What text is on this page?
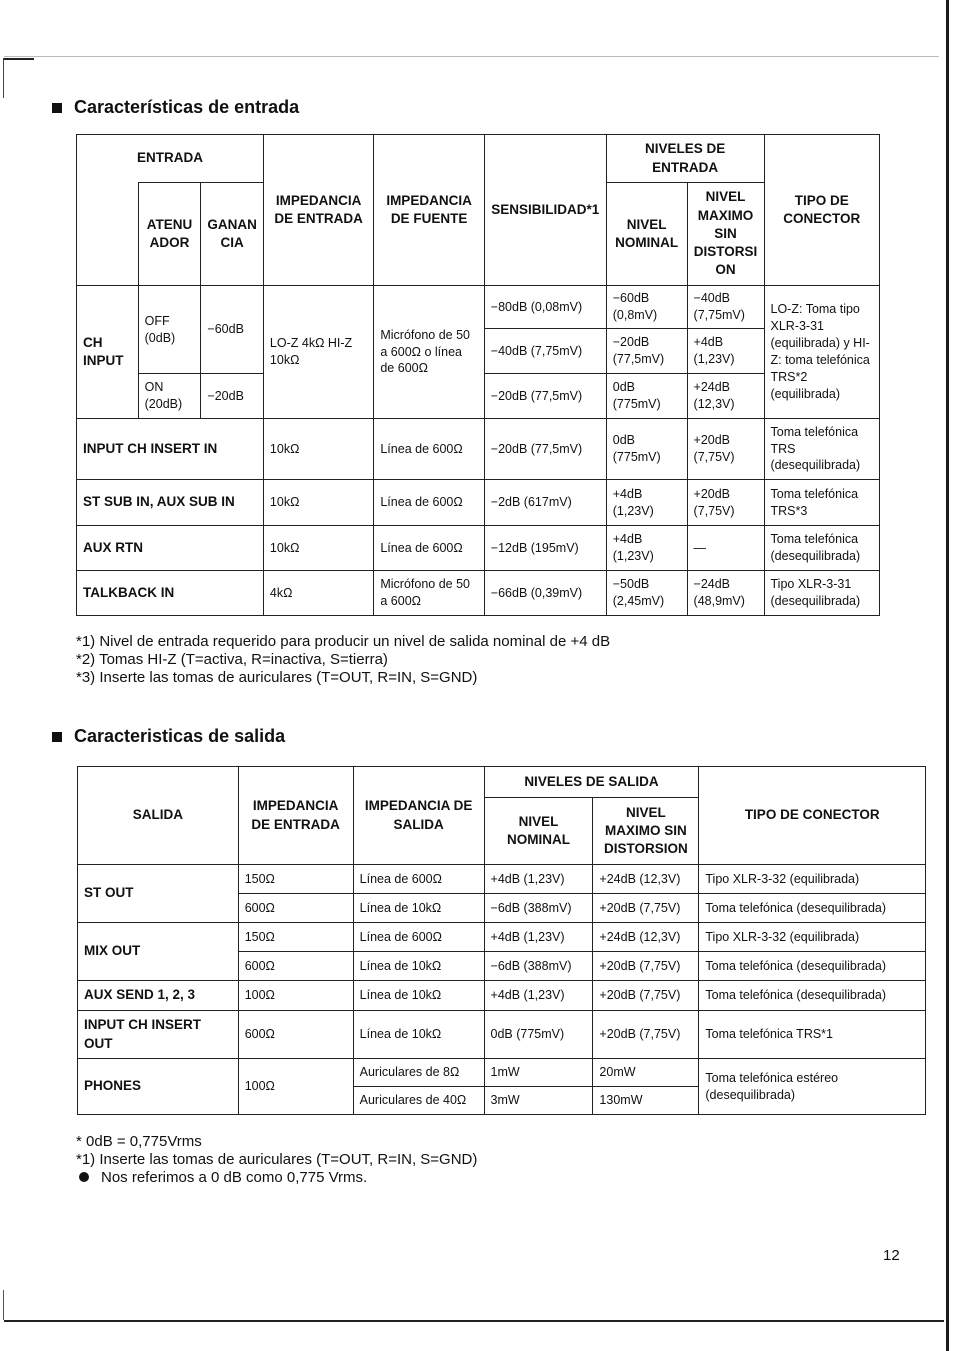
Características de entrada
ENTRADA			IMPEDANCIA DE ENTRADA	IMPEDANCIA DE FUENTE	SENSIBILIDAD*1	NIVELES DE ENTRADA		TIPO DE CONECTOR
	ATENU ADOR	GANAN CIA				NIVEL NOMINAL	NIVEL MAXIMO SIN DISTORSI ON	
CH INPUT	OFF (0dB)	−60dB	LO-Z 4kΩ HI-Z 10kΩ	Micrófono de 50 a 600Ω o línea de 600Ω	−80dB (0,08mV)	−60dB (0,8mV)	−40dB (7,75mV)	LO-Z: Toma tipo XLR-3-31 (equilibrada) y HI-Z: toma telefónica TRS*2 (equilibrada)
					−40dB (7,75mV)	−20dB (77,5mV)	+4dB (1,23V)	
	ON (20dB)	−20dB			−20dB (77,5mV)	0dB (775mV)	+24dB (12,3V)	
INPUT CH INSERT IN			10kΩ	Línea de 600Ω	−20dB (77,5mV)	0dB (775mV)	+20dB (7,75V)	Toma telefónica TRS (desequilibrada)
ST SUB IN, AUX SUB IN			10kΩ	Línea de 600Ω	−2dB (617mV)	+4dB (1,23V)	+20dB (7,75V)	Toma telefónica TRS*3
AUX RTN			10kΩ	Línea de 600Ω	−12dB (195mV)	+4dB (1,23V)	—	Toma telefónica (desequilibrada)
TALKBACK IN			4kΩ	Micrófono de 50 a 600Ω	−66dB (0,39mV)	−50dB (2,45mV)	−24dB (48,9mV)	Tipo XLR-3-31 (desequilibrada)
*1) Nivel de entrada requerido para producir un nivel de salida nominal de +4 dB
*2) Tomas HI-Z (T=activa, R=inactiva, S=tierra)
*3) Inserte las tomas de auriculares (T=OUT, R=IN, S=GND)
Caracteristicas de salida
SALIDA	IMPEDANCIA DE ENTRADA	IMPEDANCIA DE SALIDA	NIVELES DE SALIDA		TIPO DE CONECTOR
			NIVEL NOMINAL	NIVEL MAXIMO SIN DISTORSION	
ST OUT	150Ω	Línea de 600Ω	+4dB (1,23V)	+24dB (12,3V)	Tipo XLR-3-32 (equilibrada)
	600Ω	Línea de 10kΩ	−6dB (388mV)	+20dB (7,75V)	Toma telefónica (desequilibrada)
MIX OUT	150Ω	Línea de 600Ω	+4dB (1,23V)	+24dB (12,3V)	Tipo XLR-3-32 (equilibrada)
	600Ω	Línea de 10kΩ	−6dB (388mV)	+20dB (7,75V)	Toma telefónica (desequilibrada)
AUX SEND 1, 2, 3	100Ω	Línea de 10kΩ	+4dB (1,23V)	+20dB (7,75V)	Toma telefónica (desequilibrada)
INPUT CH INSERT OUT	600Ω	Línea de 10kΩ	0dB (775mV)	+20dB (7,75V)	Toma telefónica TRS*1
PHONES	100Ω	Auriculares de 8Ω	1mW	20mW	Toma telefónica estéreo (desequilibrada)
		Auriculares de 40Ω	3mW	130mW	
* 0dB = 0,775Vrms
*1) Inserte las tomas de auriculares (T=OUT, R=IN, S=GND)
Nos referimos a 0 dB como 0,775 Vrms.
12
